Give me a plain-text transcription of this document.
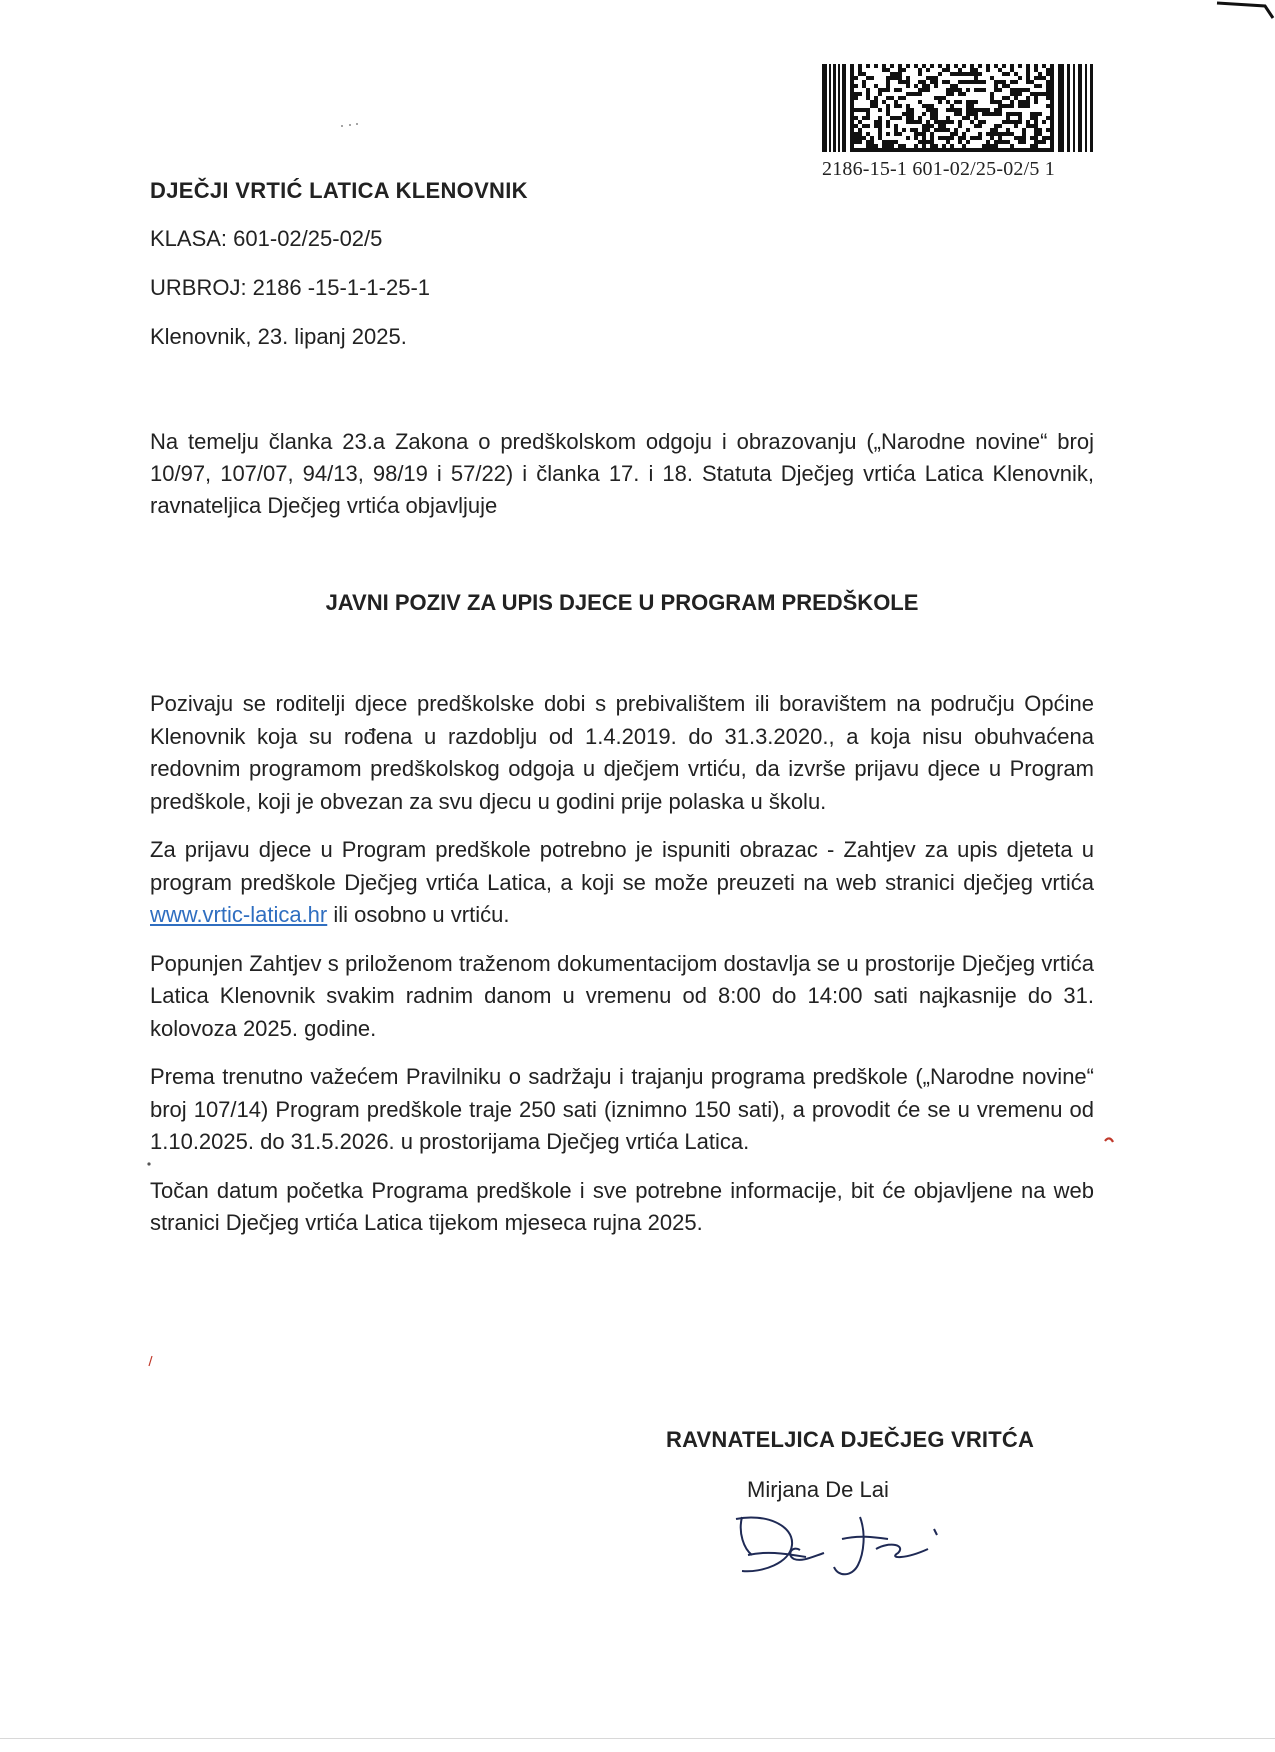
2186-15-1 601-02/25-02/5 1

DJEČJI VRTIĆ LATICA KLENOVNIK

KLASA: 601-02/25-02/5

URBROJ: 2186 -15-1-1-25-1

Klenovnik, 23. lipanj 2025.

Na temelju članka 23.a Zakona o predškolskom odgoju i obrazovanju („Narodne novine“ broj 10/97, 107/07, 94/13, 98/19 i 57/22) i članka 17. i 18. Statuta Dječjeg vrtića Latica Klenovnik, ravnateljica Dječjeg vrtića objavljuje

JAVNI POZIV ZA UPIS DJECE U PROGRAM PREDŠKOLE

Pozivaju se roditelji djece predškolske dobi s prebivalištem ili boravištem na području Općine Klenovnik koja su rođena u razdoblju od 1.4.2019. do 31.3.2020., a koja nisu obuhvaćena redovnim programom predškolskog odgoja u dječjem vrtiću, da izvrše prijavu djece u Program predškole, koji je obvezan za svu djecu u godini prije polaska u školu.

Za prijavu djece u Program predškole potrebno je ispuniti obrazac - Zahtjev za upis djeteta u program predškole Dječjeg vrtića Latica, a koji se može preuzeti na web stranici dječjeg vrtića www.vrtic-latica.hr ili osobno u vrtiću.

Popunjen Zahtjev s priloženom traženom dokumentacijom dostavlja se u prostorije Dječjeg vrtića Latica Klenovnik svakim radnim danom u vremenu od 8:00 do 14:00 sati najkasnije do 31. kolovoza 2025. godine.

Prema trenutno važećem Pravilniku o sadržaju i trajanju programa predškole („Narodne novine“ broj 107/14) Program predškole traje 250 sati (iznimno 150 sati), a provodit će se u vremenu od 1.10.2025. do 31.5.2026. u prostorijama Dječjeg vrtića Latica.

Točan datum početka Programa predškole i sve potrebne informacije, bit će objavljene na web stranici Dječjeg vrtića Latica tijekom mjeseca rujna 2025.

RAVNATELJICA DJEČJEG VRITĆA

Mirjana De Lai
